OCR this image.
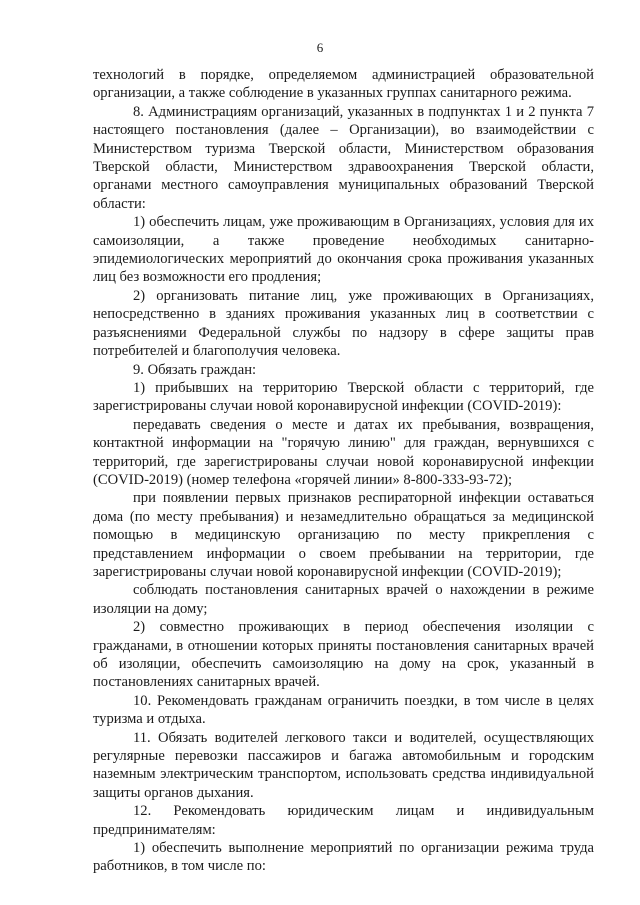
6

технологий в порядке, определяемом администрацией образовательной организации, а также соблюдение в указанных группах санитарного режима.

8. Администрациям организаций, указанных в подпунктах 1 и 2 пункта 7 настоящего постановления (далее – Организации), во взаимодействии с Министерством туризма Тверской области, Министерством образования Тверской области, Министерством здравоохранения Тверской области, органами местного самоуправления муниципальных образований Тверской области:

1) обеспечить лицам, уже проживающим в Организациях, условия для их самоизоляции, а также проведение необходимых санитарно-эпидемиологических мероприятий до окончания срока проживания указанных лиц без возможности его продления;

2) организовать питание лиц, уже проживающих в Организациях, непосредственно в зданиях проживания указанных лиц в соответствии с разъяснениями Федеральной службы по надзору в сфере защиты прав потребителей и благополучия человека.

9. Обязать граждан:

1) прибывших на территорию Тверской области с территорий, где зарегистрированы случаи новой коронавирусной инфекции (COVID-2019):

передавать сведения о месте и датах их пребывания, возвращения, контактной информации на "горячую линию" для граждан, вернувшихся с территорий, где зарегистрированы случаи новой коронавирусной инфекции (COVID-2019) (номер телефона «горячей линии» 8-800-333-93-72);

при появлении первых признаков респираторной инфекции оставаться дома (по месту пребывания) и незамедлительно обращаться за медицинской помощью в медицинскую организацию по месту прикрепления с представлением информации о своем пребывании на территории, где зарегистрированы случаи новой коронавирусной инфекции (COVID-2019);

соблюдать постановления санитарных врачей о нахождении в режиме изоляции на дому;

2) совместно проживающих в период обеспечения изоляции с гражданами, в отношении которых приняты постановления санитарных врачей об изоляции, обеспечить самоизоляцию на дому на срок, указанный в постановлениях санитарных врачей.

10. Рекомендовать гражданам ограничить поездки, в том числе в целях туризма и отдыха.

11. Обязать водителей легкового такси и водителей, осуществляющих регулярные перевозки пассажиров и багажа автомобильным и городским наземным электрическим транспортом, использовать средства индивидуальной защиты органов дыхания.

12. Рекомендовать юридическим лицам и индивидуальным предпринимателям:

1) обеспечить выполнение мероприятий по организации режима труда работников, в том числе по:
